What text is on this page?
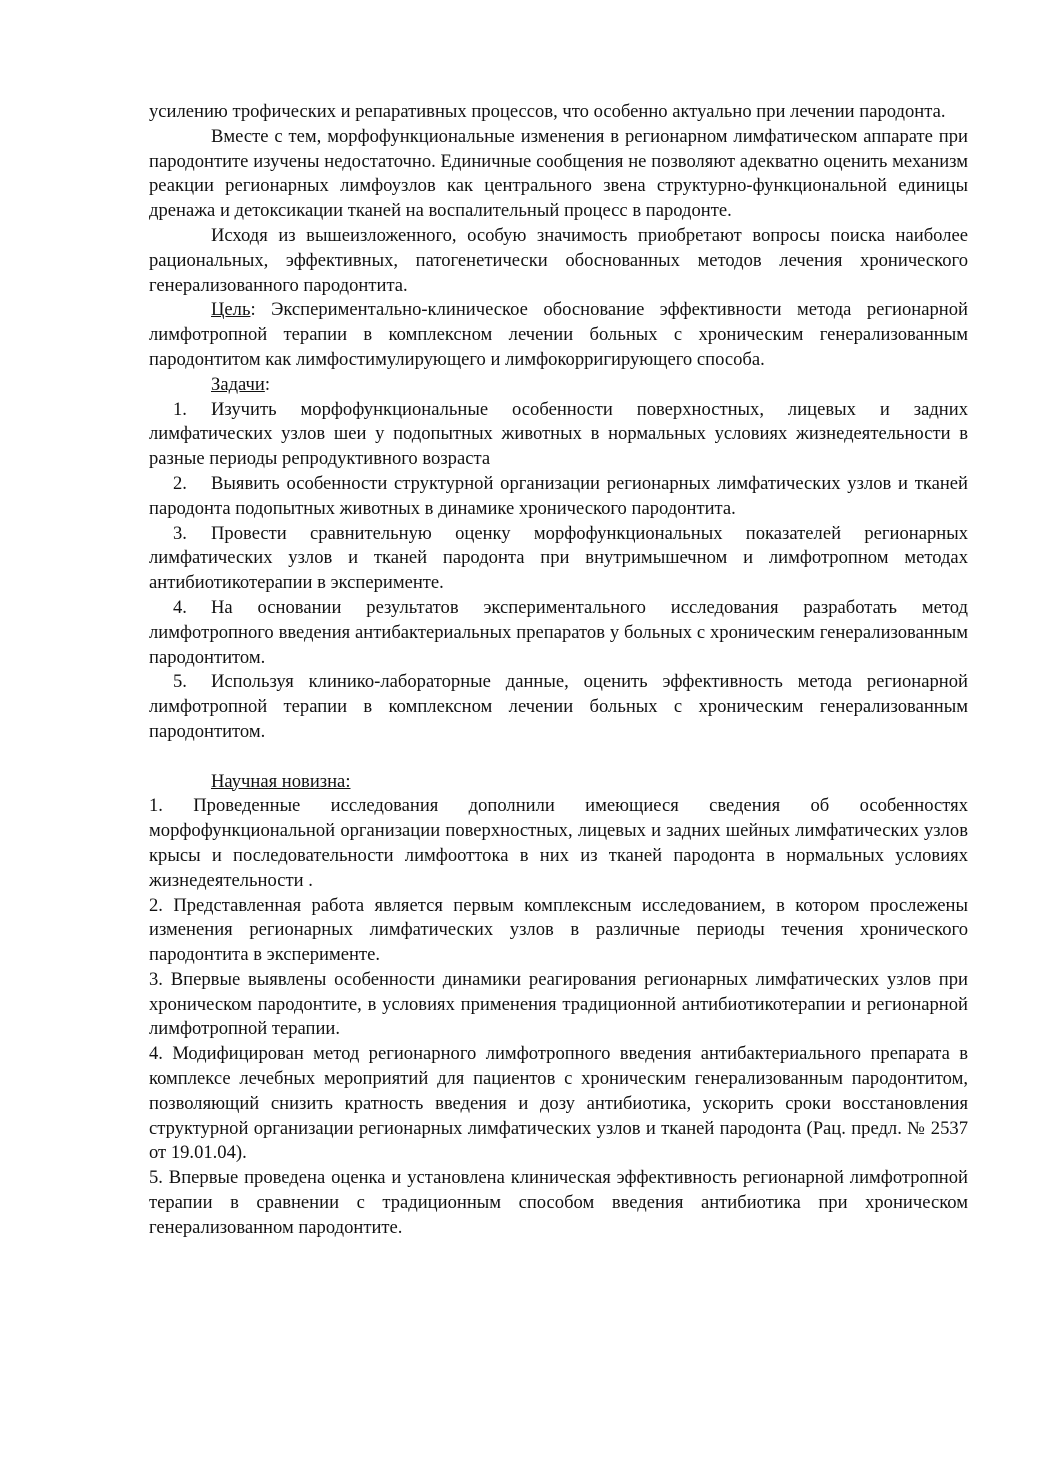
усилению трофических и репаративных процессов, что особенно актуально при лечении пародонта.

Вместе с тем, морфофункциональные изменения в регионарном лимфатическом аппарате при пародонтите изучены недостаточно. Единичные сообщения не позволяют адекватно оценить механизм реакции регионарных лимфоузлов как центрального звена структурно-функциональной единицы дренажа и детоксикации тканей на воспалительный процесс в пародонте.

Исходя из вышеизложенного, особую значимость приобретают вопросы поиска наиболее рациональных, эффективных, патогенетически обоснованных методов лечения хронического генерализованного пародонтита.

Цель: Экспериментально-клиническое обоснование эффективности метода регионарной лимфотропной терапии в комплексном лечении больных с хроническим генерализованным пародонтитом как лимфостимулирующего и лимфокорригирующего способа.

Задачи:

1. Изучить морфофункциональные особенности поверхностных, лицевых и задних лимфатических узлов шеи у подопытных животных в нормальных условиях жизнедеятельности в разные периоды репродуктивного возраста

2. Выявить особенности структурной организации регионарных лимфатических узлов и тканей пародонта подопытных животных в динамике хронического пародонтита.

3. Провести сравнительную оценку морфофункциональных показателей регионарных лимфатических узлов и тканей пародонта при внутримышечном и лимфотропном методах антибиотикотерапии в эксперименте.

4. На основании результатов экспериментального исследования разработать метод лимфотропного введения антибактериальных препаратов у больных с хроническим генерализованным пародонтитом.

5. Используя клинико-лабораторные данные, оценить эффективность метода регионарной лимфотропной терапии в комплексном лечении больных с хроническим генерализованным пародонтитом.

Научная новизна:

1. Проведенные исследования дополнили имеющиеся сведения об особенностях морфофункциональной организации поверхностных, лицевых и задних шейных лимфатических узлов крысы и последовательности лимфооттока в них из тканей пародонта в нормальных условиях жизнедеятельности .

2. Представленная работа является первым комплексным исследованием, в котором прослежены изменения регионарных лимфатических узлов в различные периоды течения хронического пародонтита в эксперименте.

3. Впервые выявлены особенности динамики реагирования регионарных лимфатических узлов при хроническом пародонтите, в условиях применения традиционной антибиотикотерапии и регионарной лимфотропной терапии.

4. Модифицирован метод регионарного лимфотропного введения антибактериального препарата в комплексе лечебных мероприятий для пациентов с хроническим генерализованным пародонтитом, позволяющий снизить кратность введения и дозу антибиотика, ускорить сроки восстановления структурной организации регионарных лимфатических узлов и тканей пародонта (Рац. предл. № 2537 от 19.01.04).

5. Впервые проведена оценка и установлена клиническая эффективность регионарной лимфотропной терапии в сравнении с традиционным способом введения антибиотика при хроническом генерализованном пародонтите.
